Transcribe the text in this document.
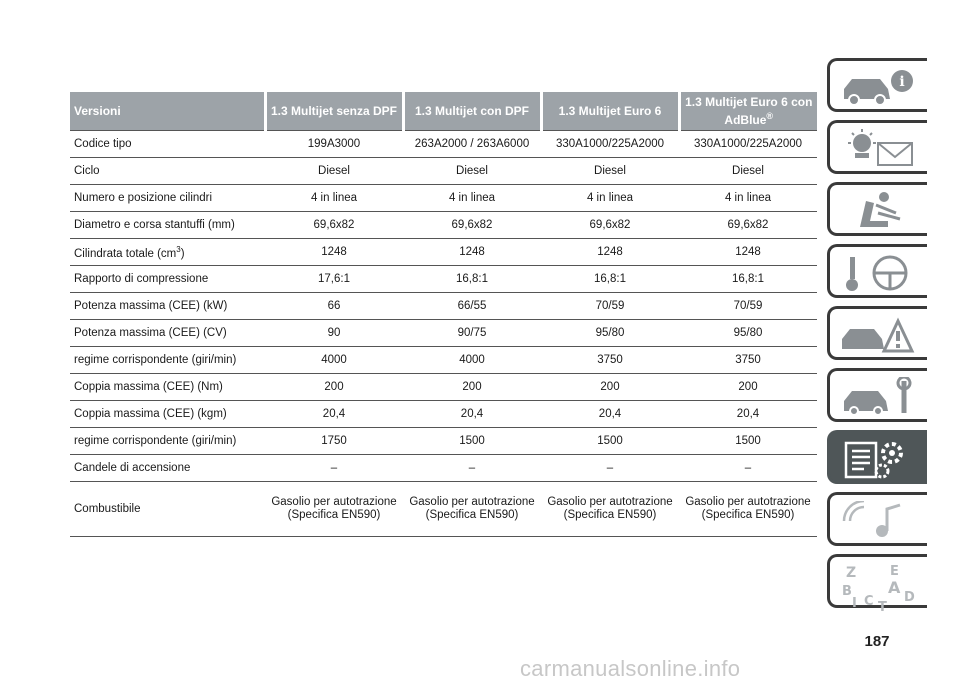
Versioni	1.3 Multijet senza DPF	1.3 Multijet con DPF	1.3 Multijet Euro 6	1.3 Multijet Euro 6 con AdBlue®
Codice tipo	199A3000	263A2000 / 263A6000	330A1000/225A2000	330A1000/225A2000
Ciclo	Diesel	Diesel	Diesel	Diesel
Numero e posizione cilindri	4 in linea	4 in linea	4 in linea	4 in linea
Diametro e corsa stantuffi (mm)	69,6x82	69,6x82	69,6x82	69,6x82
Cilindrata totale $(cm^3)$	1248	1248	1248	1248
Rapporto di compressione	17,6:1	16,8:1	16,8:1	16,8:1
Potenza massima (CEE) (kW)	66	66/55	70/59	70/59
Potenza massima (CEE) (CV)	90	90/75	95/80	95/80
regime corrispondente (giri/min)	4000	4000	3750	3750
Coppia massima (CEE) (Nm)	200	200	200	200
Coppia massima (CEE) (kgm)	20,4	20,4	20,4	20,4
regime corrispondente (giri/min)	1750	1500	1500	1500
Candele di accensione	–	–	–	–
Combustibile	Gasolio per autotrazione (Specifica EN590)	Gasolio per autotrazione (Specifica EN590)	Gasolio per autotrazione (Specifica EN590)	Gasolio per autotrazione (Specifica EN590)
i
Z	E
B A
I C T
D
187
carmanualsonline.info
